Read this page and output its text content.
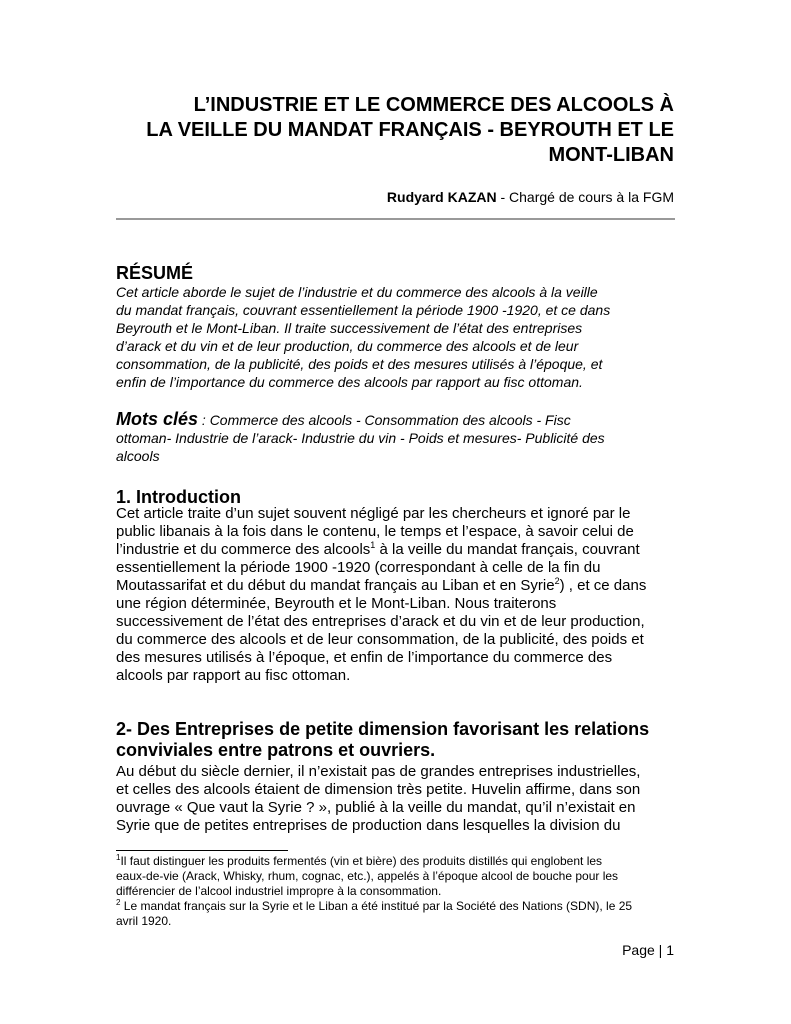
L’INDUSTRIE ET LE COMMERCE DES ALCOOLS À
LA VEILLE DU MANDAT FRANÇAIS - BEYROUTH ET LE
MONT-LIBAN
Rudyard KAZAN - Chargé de cours à la FGM
RÉSUMÉ
Cet article aborde le sujet de l’industrie et du commerce des alcools à la veille
du mandat français, couvrant essentiellement la période 1900 -1920, et ce dans
Beyrouth et le Mont-Liban. Il traite successivement de l’état des entreprises
d’arack et du vin et de leur production, du commerce des alcools et de leur
consommation, de la publicité, des poids et des mesures utilisés à l’époque, et
enfin de l’importance du commerce des alcools par rapport au fisc ottoman.
Mots clés : Commerce des alcools - Consommation des alcools - Fisc
ottoman- Industrie de l’arack- Industrie du vin - Poids et mesures- Publicité des
alcools
1. Introduction
Cet article traite d’un sujet souvent négligé par les chercheurs et ignoré par le
public libanais à la fois dans le contenu, le temps et l’espace, à savoir celui de
l’industrie et du commerce des alcools$^1$ à la veille du mandat français, couvrant
essentiellement la période 1900 -1920 (correspondant à celle de la fin du
Moutassarifat et du début du mandat français au Liban et en Syrie$^2$) , et ce dans
une région déterminée, Beyrouth et le Mont-Liban. Nous traiterons
successivement de l’état des entreprises d’arack et du vin et de leur production,
du commerce des alcools et de leur consommation, de la publicité, des poids et
des mesures utilisés à l’époque, et enfin de l’importance du commerce des
alcools par rapport au fisc ottoman.
2- Des Entreprises de petite dimension favorisant les relations
conviviales entre patrons et ouvriers.
Au début du siècle dernier, il n’existait pas de grandes entreprises industrielles,
et celles des alcools étaient de dimension très petite. Huvelin affirme, dans son
ouvrage « Que vaut la Syrie ? », publié à la veille du mandat, qu’il n’existait en
Syrie que de petites entreprises de production dans lesquelles la division du
$^1$Il faut distinguer les produits fermentés (vin et bière) des produits distillés qui englobent les
eaux-de-vie (Arack, Whisky, rhum, cognac, etc.), appelés à l’époque alcool de bouche pour les
différencier de l’alcool industriel impropre à la consommation.
$^2$ Le mandat français sur la Syrie et le Liban a été institué par la Société des Nations (SDN), le 25
avril 1920.
Page | 1
